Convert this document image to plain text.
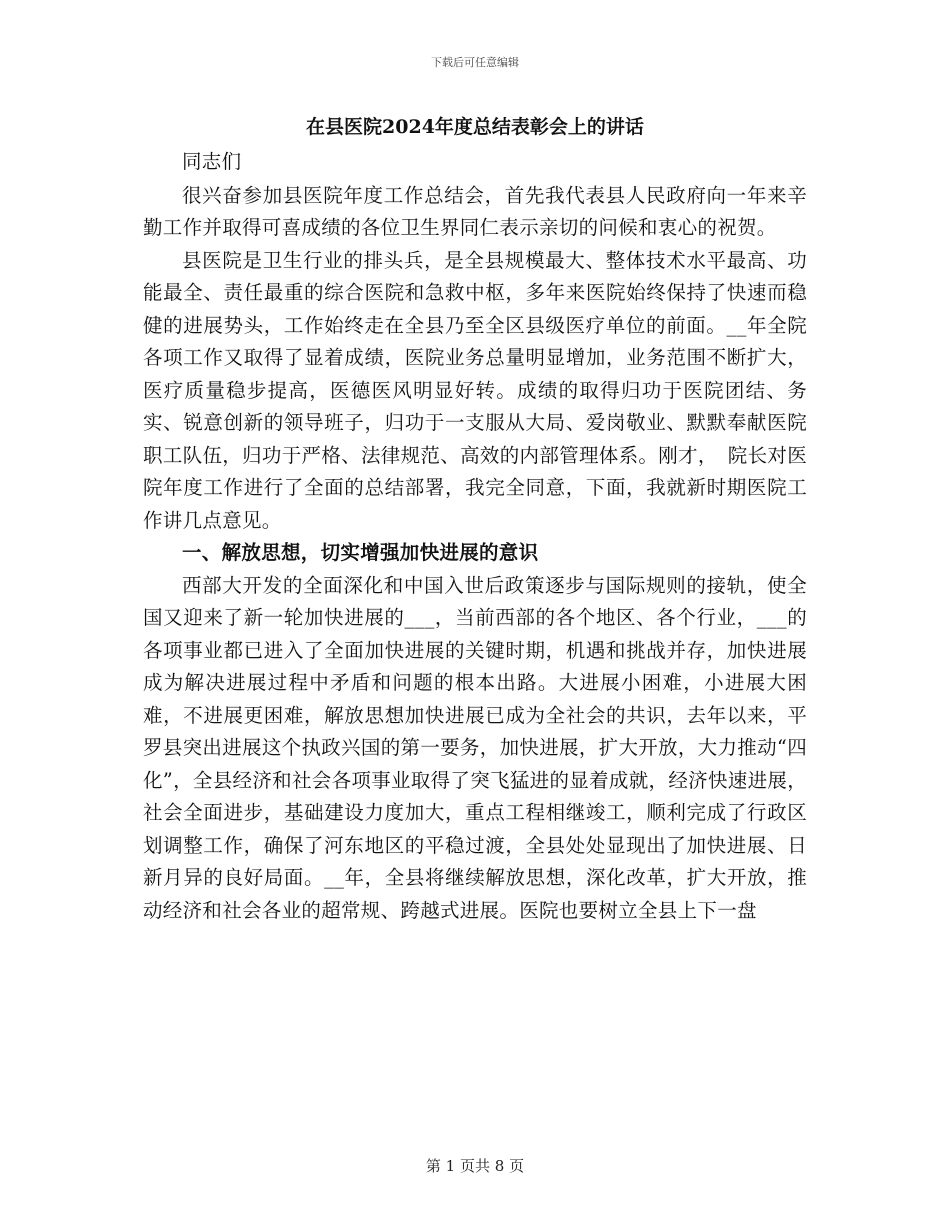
下载后可任意编辑
在县医院2024年度总结表彰会上的讲话

同志们

很兴奋参加县医院年度工作总结会，首先我代表县人民政府向一年来辛勤工作并取得可喜成绩的各位卫生界同仁表示亲切的问候和衷心的祝贺。

县医院是卫生行业的排头兵，是全县规模最大、整体技术水平最高、功能最全、责任最重的综合医院和急救中枢，多年来医院始终保持了快速而稳健的进展势头，工作始终走在全县乃至全区县级医疗单位的前面。__年全院各项工作又取得了显着成绩，医院业务总量明显增加，业务范围不断扩大，医疗质量稳步提高，医德医风明显好转。成绩的取得归功于医院团结、务实、锐意创新的领导班子，归功于一支服从大局、爱岗敬业、默默奉献医院职工队伍，归功于严格、法律规范、高效的内部管理体系。刚才，　院长对医院年度工作进行了全面的总结部署，我完全同意，下面，我就新时期医院工作讲几点意见。

一、解放思想，切实增强加快进展的意识

西部大开发的全面深化和中国入世后政策逐步与国际规则的接轨，使全国又迎来了新一轮加快进展的___，当前西部的各个地区、各个行业，___的各项事业都已进入了全面加快进展的关键时期，机遇和挑战并存，加快进展成为解决进展过程中矛盾和问题的根本出路。大进展小困难，小进展大困难，不进展更困难，解放思想加快进展已成为全社会的共识，去年以来，平罗县突出进展这个执政兴国的第一要务，加快进展，扩大开放，大力推动“四化”，全县经济和社会各项事业取得了突飞猛进的显着成就，经济快速进展，社会全面进步，基础建设力度加大，重点工程相继竣工，顺利完成了行政区划调整工作，确保了河东地区的平稳过渡，全县处处显现出了加快进展、日新月异的良好局面。__年，全县将继续解放思想，深化改革，扩大开放，推动经济和社会各业的超常规、跨越式进展。医院也要树立全县上下一盘

第 1 页共 8 页
